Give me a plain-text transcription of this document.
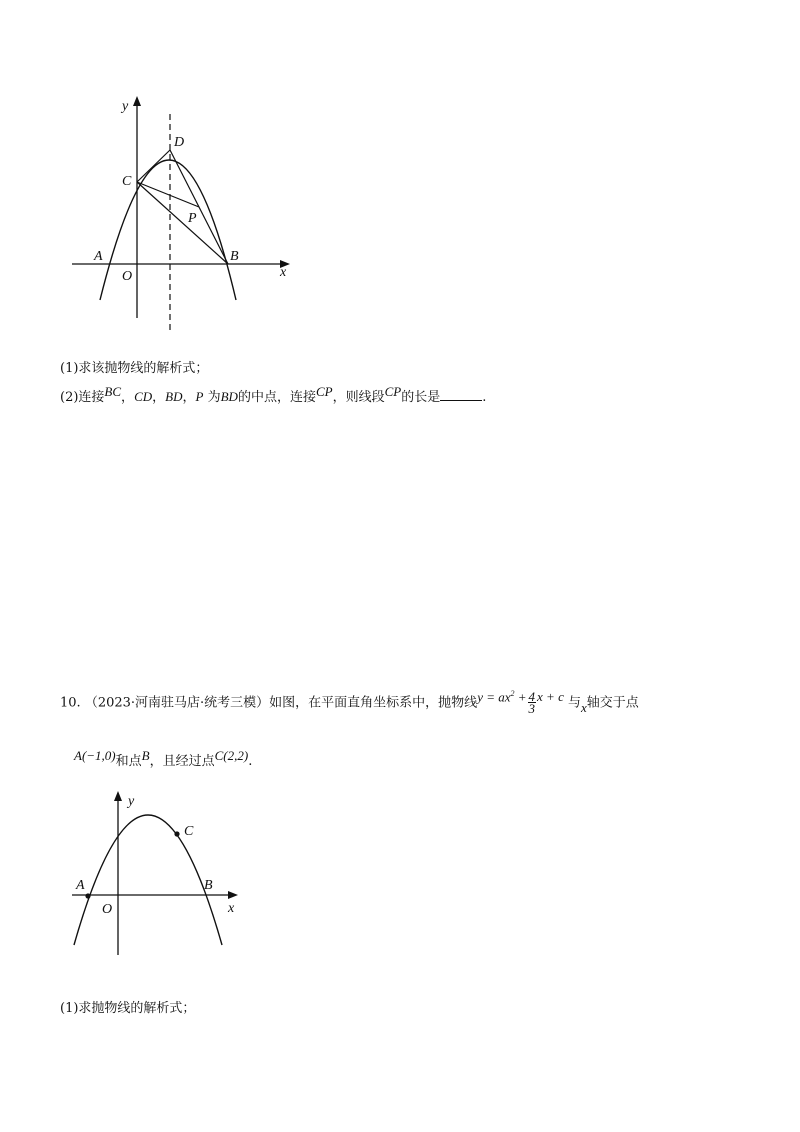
y
x
D
C
P
A
O
B
(1)求该抛物线的解析式；
(2)连接BC，CD，BD，P 为BD的中点，连接CP，则线段CP的长是	.
10. （2023·河南驻马店·统考三模）如图，在平面直角坐标系中，抛物线$y = ax^2 + \frac{4}{3}$ x + c 与x轴交于点
A(−1,0)和点B，且经过点C(2,2).
y
x
C
A
O
B
(1)求抛物线的解析式；
